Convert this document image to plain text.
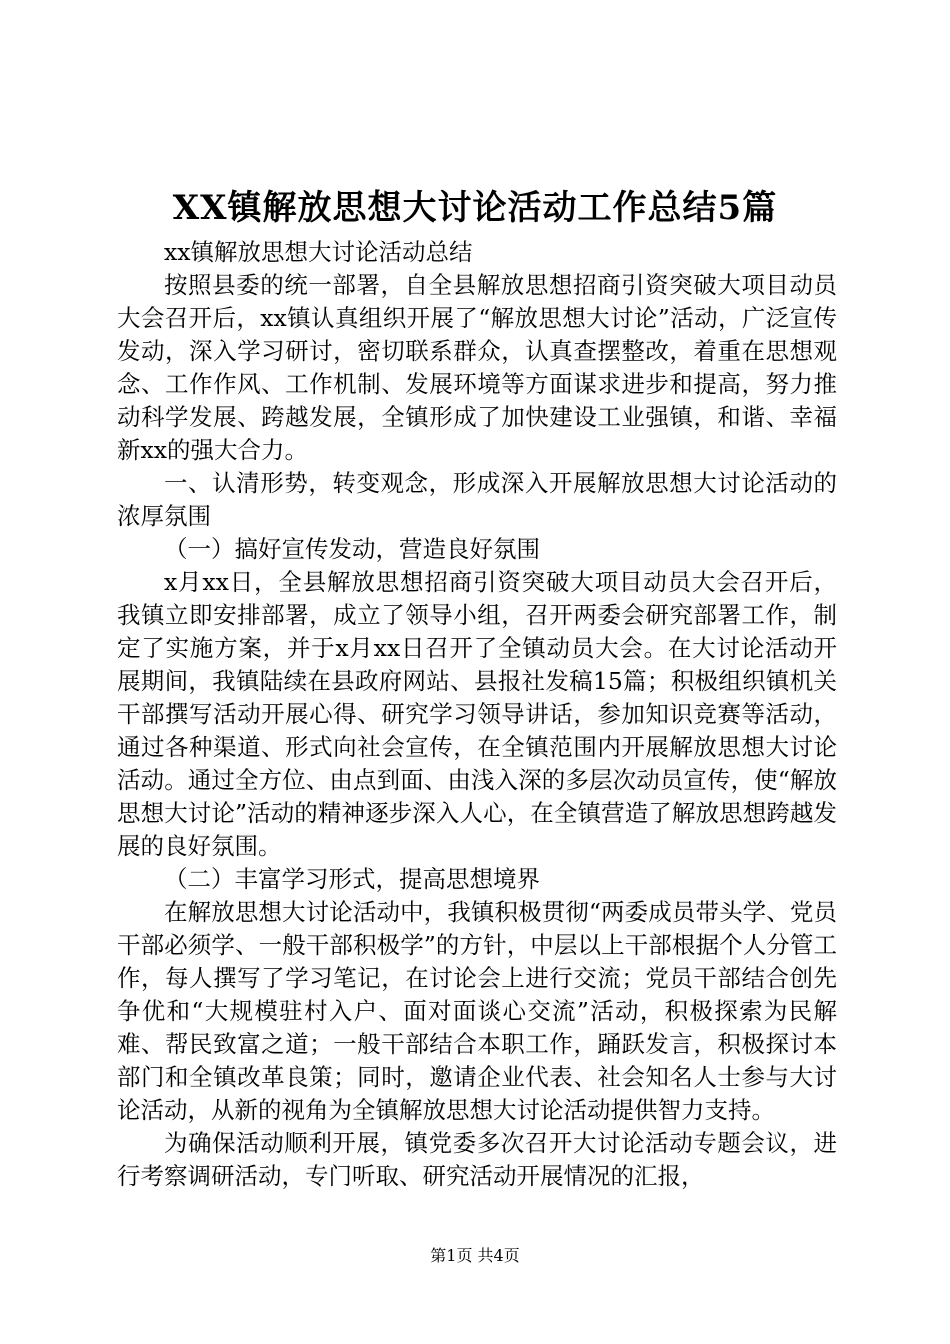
XX镇解放思想大讨论活动工作总结5篇

xx镇解放思想大讨论活动总结

按照县委的统一部署，自全县解放思想招商引资突破大项目动员大会召开后，xx镇认真组织开展了“解放思想大讨论”活动，广泛宣传发动，深入学习研讨，密切联系群众，认真查摆整改，着重在思想观念、工作作风、工作机制、发展环境等方面谋求进步和提高，努力推动科学发展、跨越发展，全镇形成了加快建设工业强镇，和谐、幸福新xx的强大合力。

一、认清形势，转变观念，形成深入开展解放思想大讨论活动的浓厚氛围

（一）搞好宣传发动，营造良好氛围

x月xx日，全县解放思想招商引资突破大项目动员大会召开后，我镇立即安排部署，成立了领导小组，召开两委会研究部署工作，制定了实施方案，并于x月xx日召开了全镇动员大会。在大讨论活动开展期间，我镇陆续在县政府网站、县报社发稿15篇；积极组织镇机关干部撰写活动开展心得、研究学习领导讲话，参加知识竞赛等活动，通过各种渠道、形式向社会宣传，在全镇范围内开展解放思想大讨论活动。通过全方位、由点到面、由浅入深的多层次动员宣传，使“解放思想大讨论”活动的精神逐步深入人心，在全镇营造了解放思想跨越发展的良好氛围。

（二）丰富学习形式，提高思想境界

在解放思想大讨论活动中，我镇积极贯彻“两委成员带头学、党员干部必须学、一般干部积极学”的方针，中层以上干部根据个人分管工作，每人撰写了学习笔记，在讨论会上进行交流；党员干部结合创先争优和“大规模驻村入户、面对面谈心交流”活动，积极探索为民解难、帮民致富之道；一般干部结合本职工作，踊跃发言，积极探讨本部门和全镇改革良策；同时，邀请企业代表、社会知名人士参与大讨论活动，从新的视角为全镇解放思想大讨论活动提供智力支持。

为确保活动顺利开展，镇党委多次召开大讨论活动专题会议，进行考察调研活动，专门听取、研究活动开展情况的汇报，

第1页 共4页
